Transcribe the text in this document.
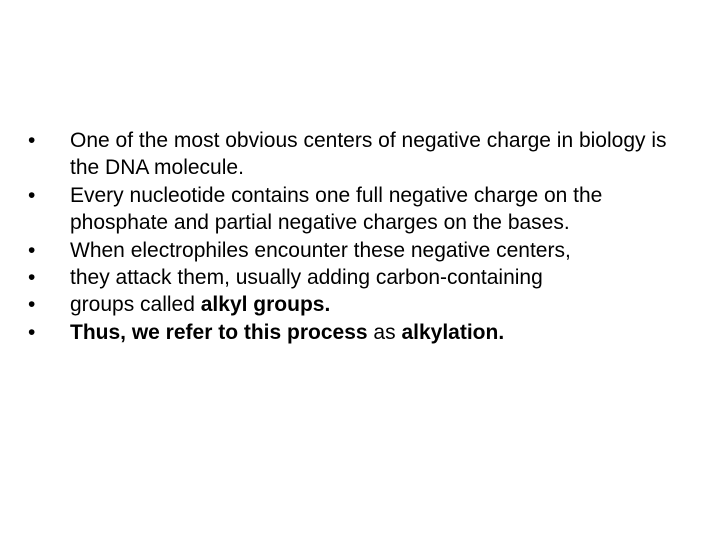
•	One of the most obvious centers of negative charge in biology is the DNA molecule.
•	Every nucleotide contains one full negative charge on the phosphate and partial negative charges on the bases.
•	When electrophiles encounter these negative centers,
•	they attack them, usually adding carbon-containing
•	groups called alkyl groups.
•	Thus, we refer to this process as alkylation.
